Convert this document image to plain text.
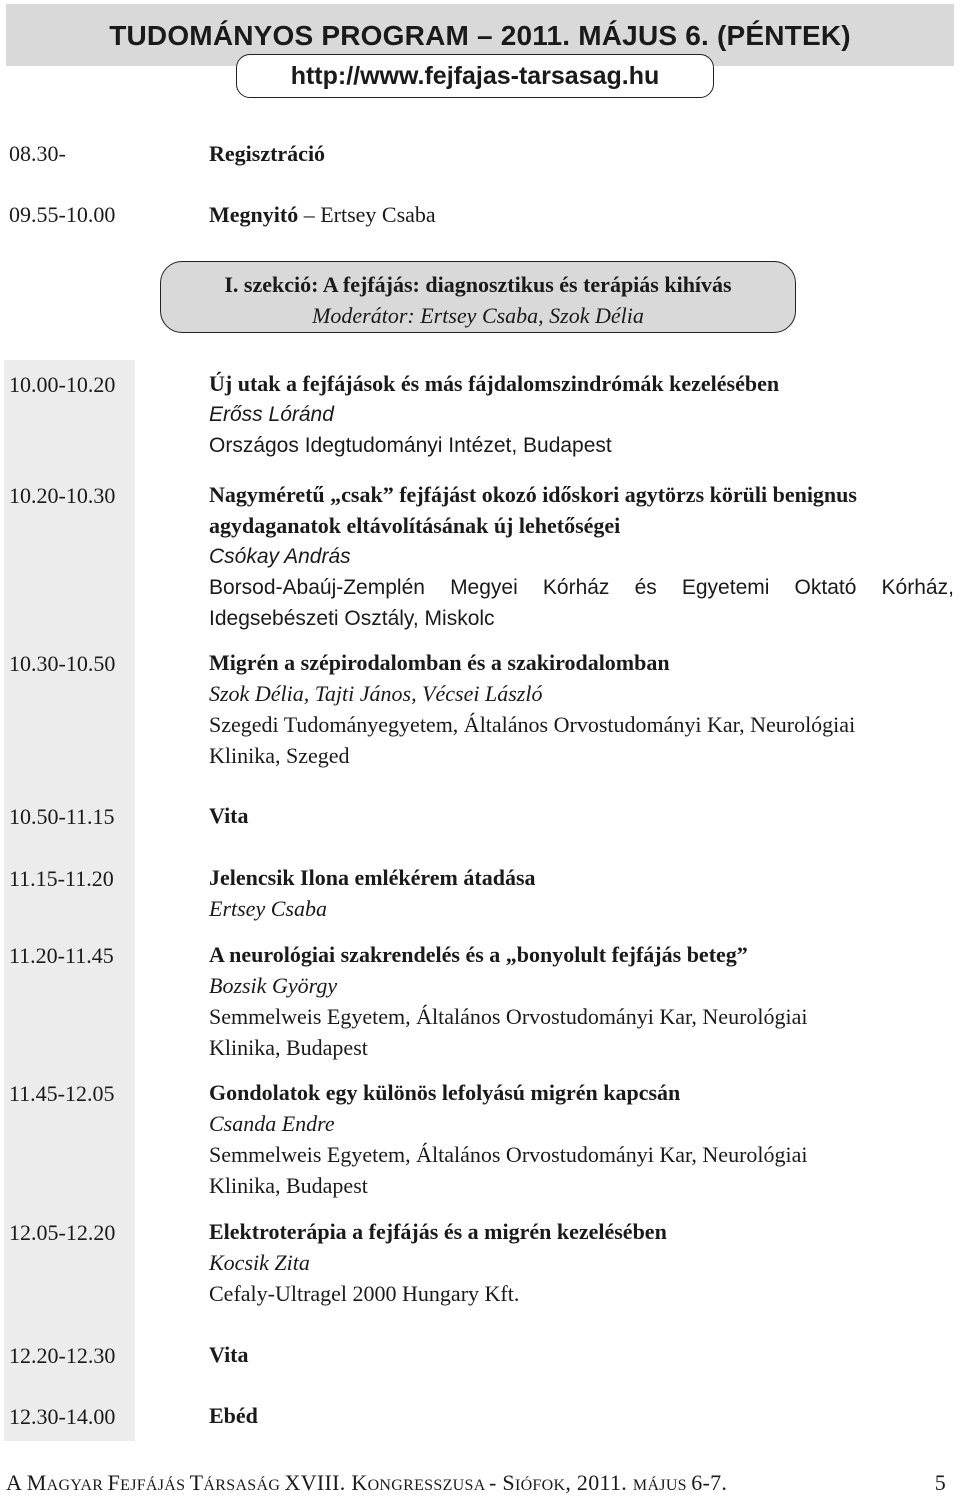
TUDOMÁNYOS PROGRAM – 2011. MÁJUS 6. (PÉNTEK)
http://www.fejfajas-tarsasag.hu
08.30-	Regisztráció
09.55-10.00	Megnyitó – Ertsey Csaba
I. szekció: A fejfájás: diagnosztikus és terápiás kihívás
Moderátor: Ertsey Csaba, Szok Délia
10.00-10.20	Új utak a fejfájások és más fájdalomszindrómák kezelésében
Erőss Lóránd
Országos Idegtudományi Intézet, Budapest
10.20-10.30	Nagyméretű „csak” fejfájást okozó időskori agytörzs körüli benignus
agydaganatok eltávolításának új lehetőségei
Csókay András
Borsod-Abaúj-Zemplén Megyei Kórház és Egyetemi Oktató Kórház,
Idegsebészeti Osztály, Miskolc
10.30-10.50	Migrén a szépirodalomban és a szakirodalomban
Szok Délia, Tajti János, Vécsei László
Szegedi Tudományegyetem, Általános Orvostudományi Kar, Neurológiai
Klinika, Szeged
10.50-11.15	Vita
11.15-11.20	Jelencsik Ilona emlékérem átadása
Ertsey Csaba
11.20-11.45	A neurológiai szakrendelés és a „bonyolult fejfájás beteg”
Bozsik György
Semmelweis Egyetem, Általános Orvostudományi Kar, Neurológiai
Klinika, Budapest
11.45-12.05	Gondolatok egy különös lefolyású migrén kapcsán
Csanda Endre
Semmelweis Egyetem, Általános Orvostudományi Kar, Neurológiai
Klinika, Budapest
12.05-12.20	Elektroterápia a fejfájás és a migrén kezelésében
Kocsik Zita
Cefaly-Ultragel 2000 Hungary Kft.
12.20-12.30	Vita
12.30-14.00	Ebéd
A MAGYAR FEJFÁJÁS TÁRSASÁG XVIII. KONGRESSZUSA - SIÓFOK, 2011. MÁJUS 6-7.	5
